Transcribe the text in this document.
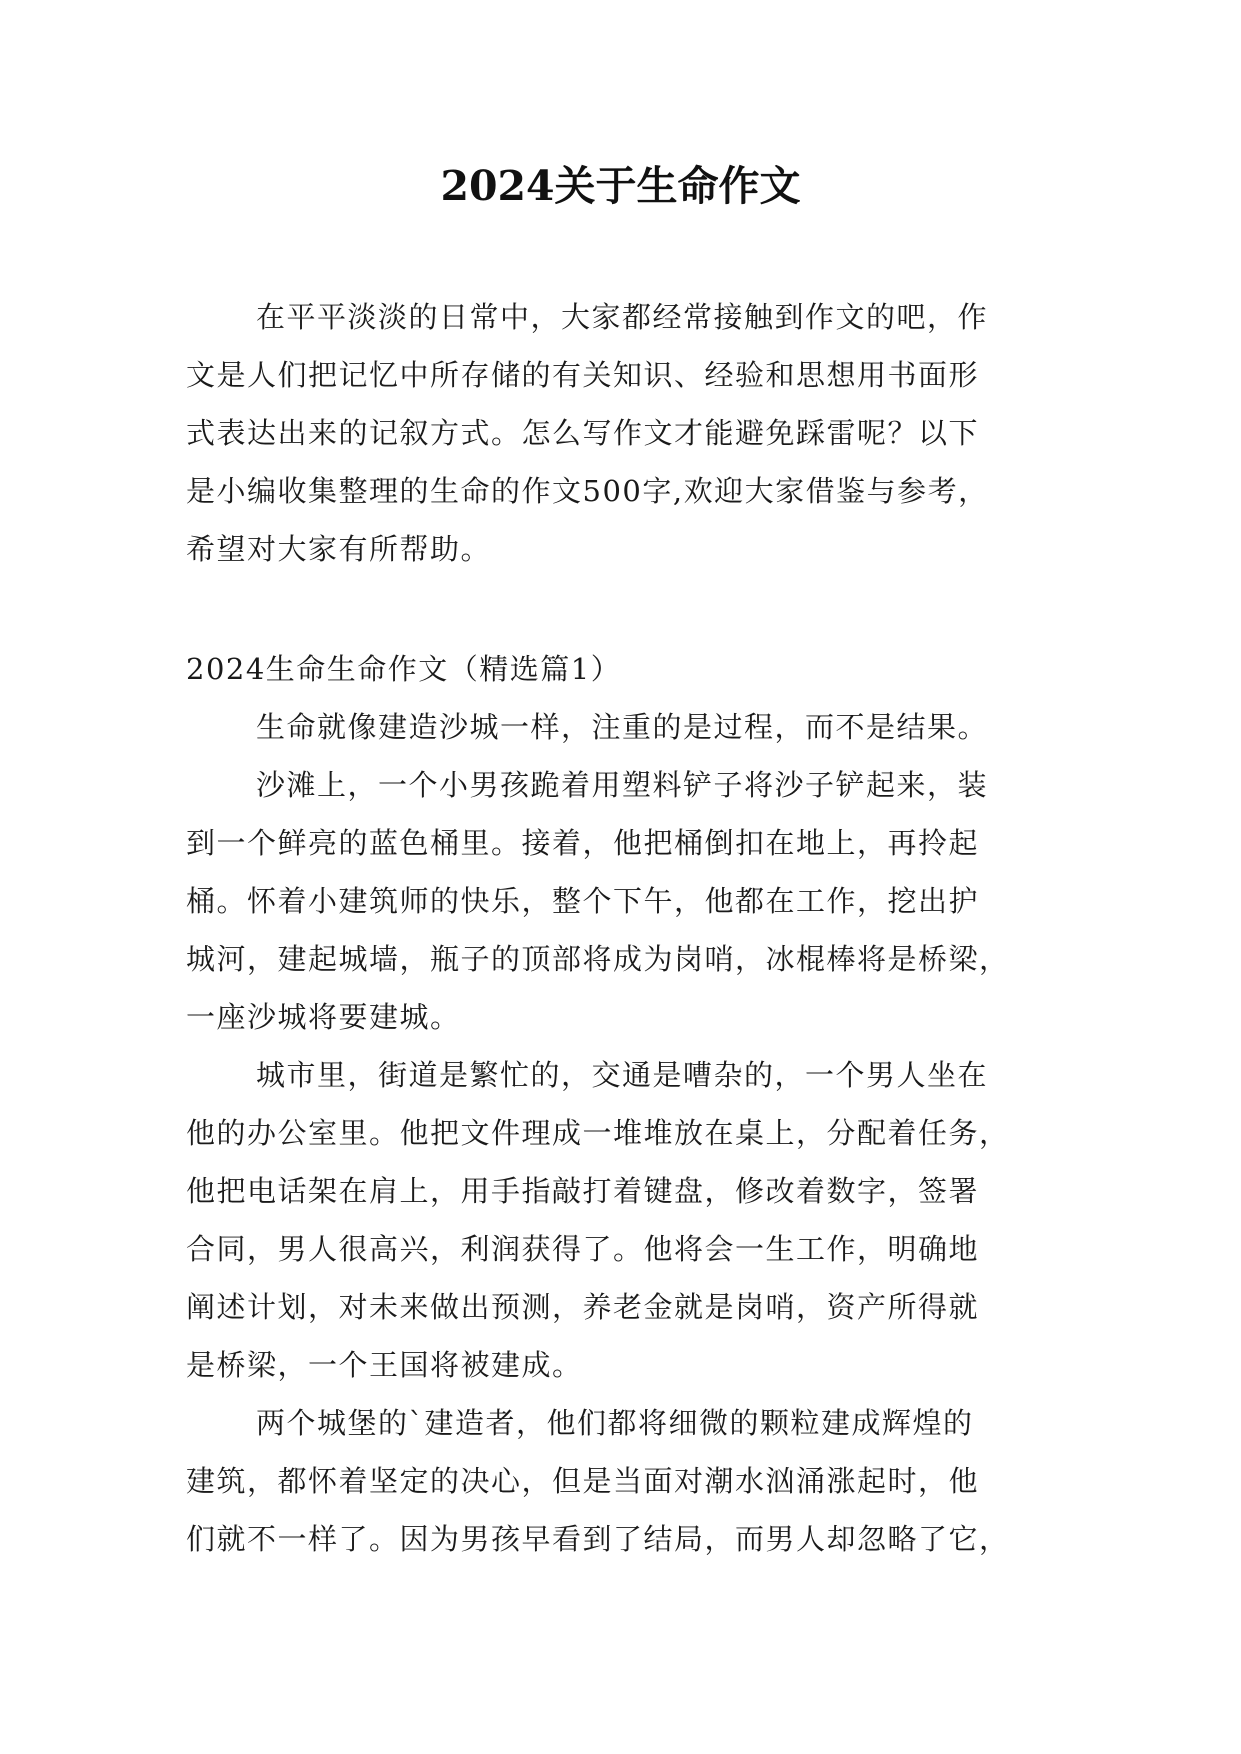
2024关于生命作文
在平平淡淡的日常中，大家都经常接触到作文的吧，作
文是人们把记忆中所存储的有关知识、经验和思想用书面形
式表达出来的记叙方式。怎么写作文才能避免踩雷呢？以下
是小编收集整理的生命的作文500字,欢迎大家借鉴与参考，
希望对大家有所帮助。
2024生命生命作文（精选篇1）
生命就像建造沙城一样，注重的是过程，而不是结果。
沙滩上，一个小男孩跪着用塑料铲子将沙子铲起来，装
到一个鲜亮的蓝色桶里。接着，他把桶倒扣在地上，再拎起
桶。怀着小建筑师的快乐，整个下午，他都在工作，挖出护
城河，建起城墙，瓶子的顶部将成为岗哨，冰棍棒将是桥梁，
一座沙城将要建城。
城市里，街道是繁忙的，交通是嘈杂的，一个男人坐在
他的办公室里。他把文件理成一堆堆放在桌上，分配着任务，
他把电话架在肩上，用手指敲打着键盘，修改着数字，签署
合同，男人很高兴，利润获得了。他将会一生工作，明确地
阐述计划，对未来做出预测，养老金就是岗哨，资产所得就
是桥梁，一个王国将被建成。
两个城堡的`建造者，他们都将细微的颗粒建成辉煌的
建筑，都怀着坚定的决心，但是当面对潮水汹涌涨起时，他
们就不一样了。因为男孩早看到了结局，而男人却忽略了它，
